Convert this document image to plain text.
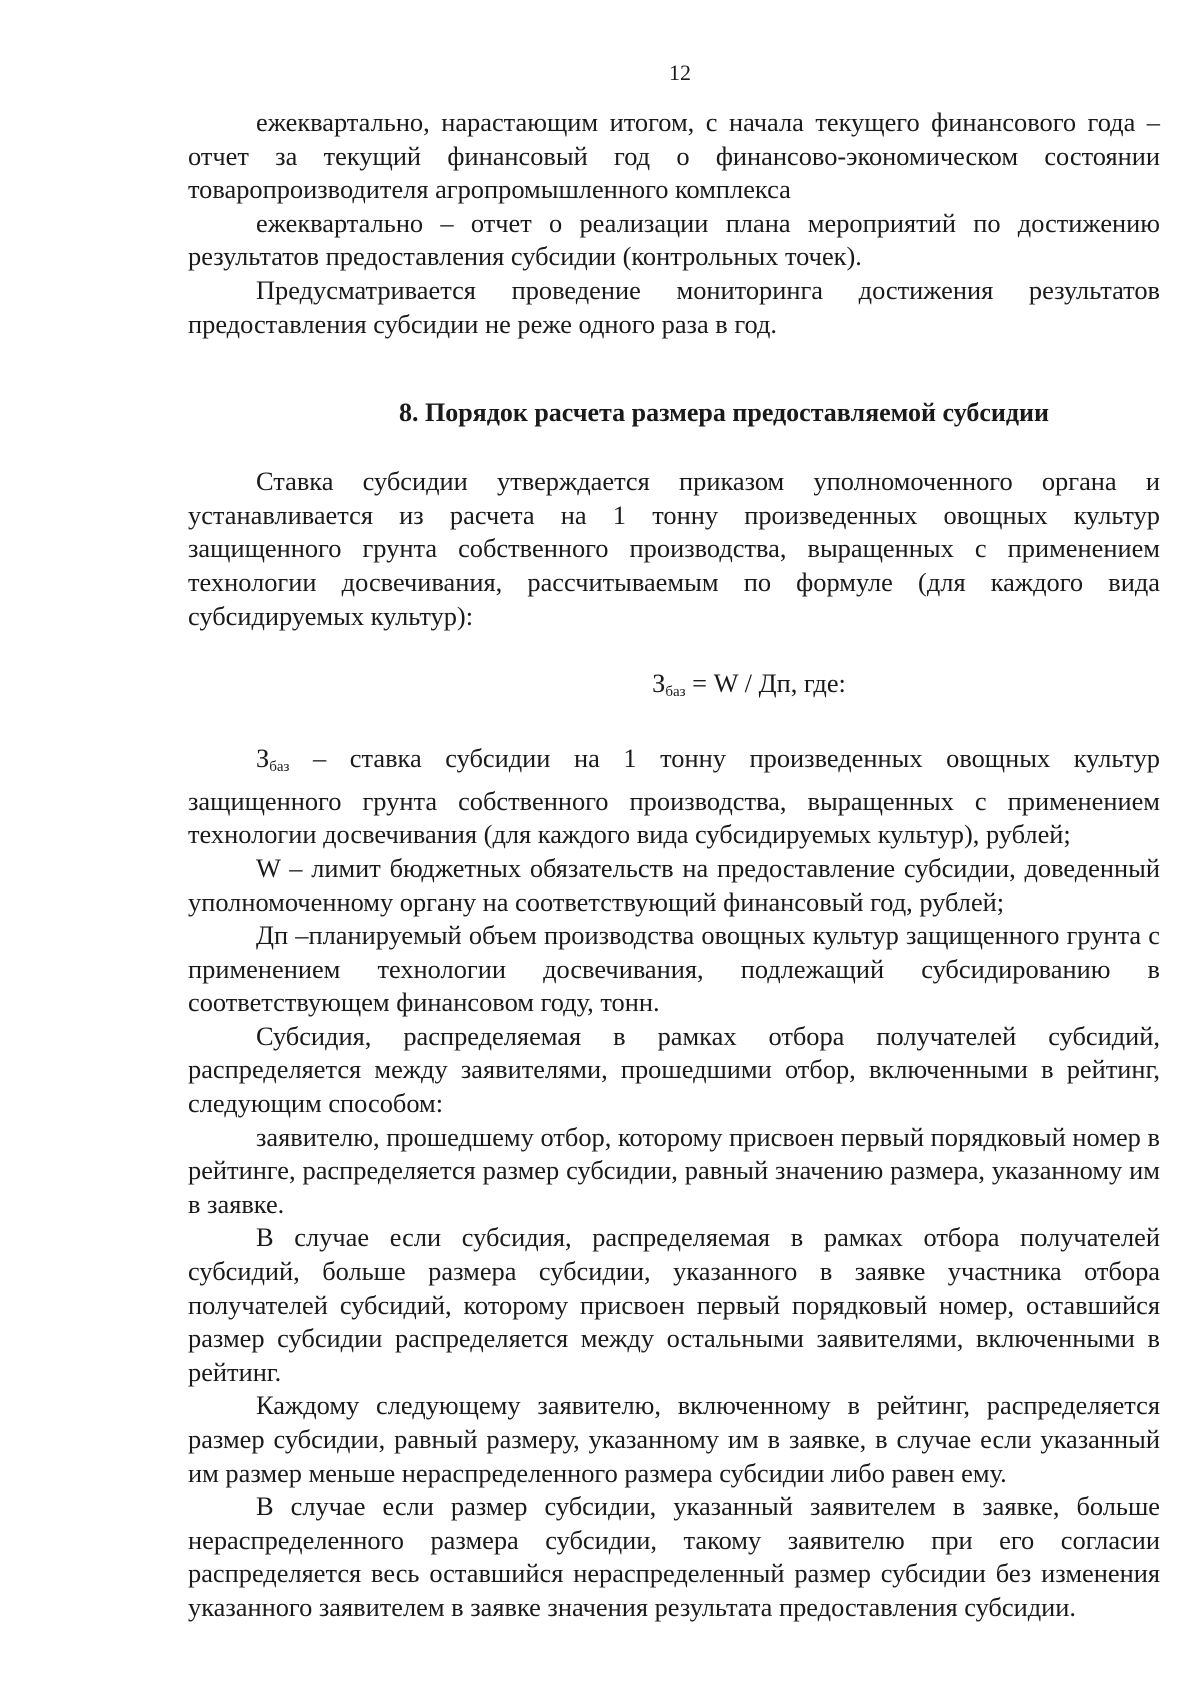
12

ежеквартально, нарастающим итогом, с начала текущего финансового года – отчет за текущий финансовый год о финансово-экономическом состоянии товаропроизводителя агропромышленного комплекса

ежеквартально – отчет о реализации плана мероприятий по достижению результатов предоставления субсидии (контрольных точек).

Предусматривается проведение мониторинга достижения результатов предоставления субсидии не реже одного раза в год.

8. Порядок расчета размера предоставляемой субсидии

Ставка субсидии утверждается приказом уполномоченного органа и устанавливается из расчета на 1 тонну произведенных овощных культур защищенного грунта собственного производства, выращенных с применением технологии досвечивания, рассчитываемым по формуле (для каждого вида субсидируемых культур):

$З_{баз} = W$ / Дп, где:

Збаз – ставка субсидии на 1 тонну произведенных овощных культур защищенного грунта собственного производства, выращенных с применением технологии досвечивания (для каждого вида субсидируемых культур), рублей;

W – лимит бюджетных обязательств на предоставление субсидии, доведенный уполномоченному органу на соответствующий финансовый год, рублей;

Дп –планируемый объем производства овощных культур защищенного грунта с применением технологии досвечивания, подлежащий субсидированию в соответствующем финансовом году, тонн.

Субсидия, распределяемая в рамках отбора получателей субсидий, распределяется между заявителями, прошедшими отбор, включенными в рейтинг, следующим способом:

заявителю, прошедшему отбор, которому присвоен первый порядковый номер в рейтинге, распределяется размер субсидии, равный значению размера, указанному им в заявке.

В случае если субсидия, распределяемая в рамках отбора получателей субсидий, больше размера субсидии, указанного в заявке участника отбора получателей субсидий, которому присвоен первый порядковый номер, оставшийся размер субсидии распределяется между остальными заявителями, включенными в рейтинг.

Каждому следующему заявителю, включенному в рейтинг, распределяется размер субсидии, равный размеру, указанному им в заявке, в случае если указанный им размер меньше нераспределенного размера субсидии либо равен ему.

В случае если размер субсидии, указанный заявителем в заявке, больше нераспределенного размера субсидии, такому заявителю при его согласии распределяется весь оставшийся нераспределенный размер субсидии без изменения указанного заявителем в заявке значения результата предоставления субсидии.
